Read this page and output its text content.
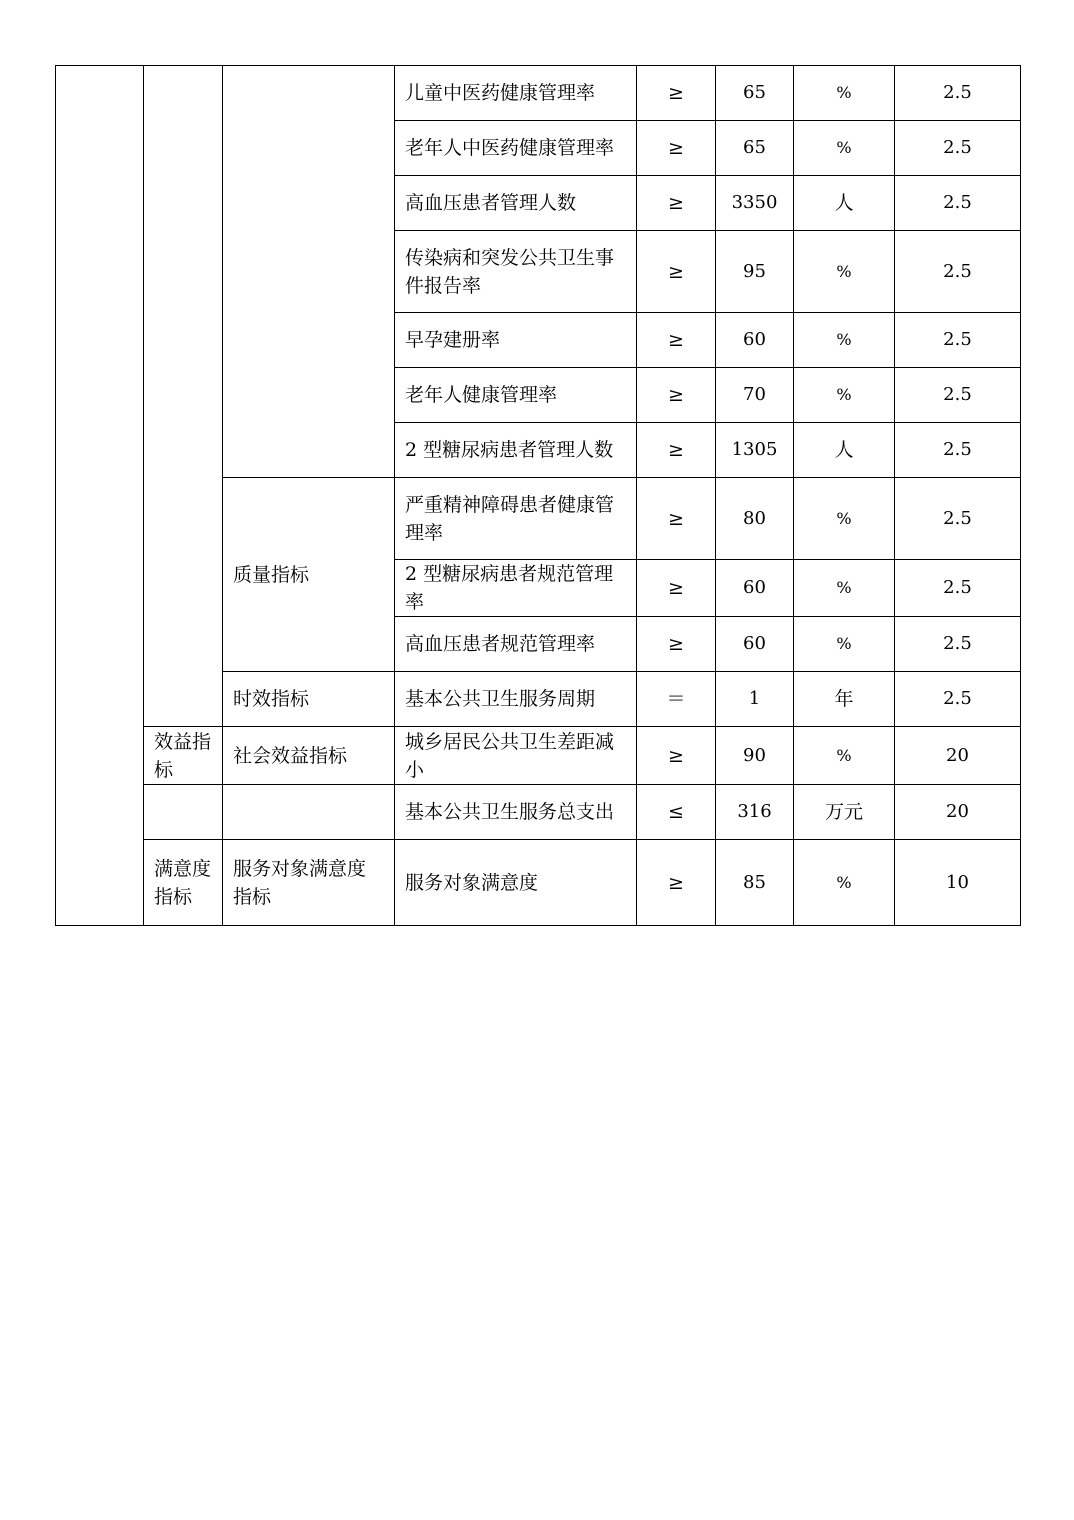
			儿童中医药健康管理率	≥	65	%	2.5
			老年人中医药健康管理率	≥	65	%	2.5
			高血压患者管理人数	≥	3350	人	2.5
			传染病和突发公共卫生事件报告率	≥	95	%	2.5
			早孕建册率	≥	60	%	2.5
			老年人健康管理率	≥	70	%	2.5
			2 型糖尿病患者管理人数	≥	1305	人	2.5
		质量指标	严重精神障碍患者健康管理率	≥	80	%	2.5
			2 型糖尿病患者规范管理率	≥	60	%	2.5
			高血压患者规范管理率	≥	60	%	2.5
		时效指标	基本公共卫生服务周期	＝	1	年	2.5
	效益指标	社会效益指标	城乡居民公共卫生差距减小	≥	90	%	20
			基本公共卫生服务总支出	≤	316	万元	20
	满意度指标	服务对象满意度指标	服务对象满意度	≥	85	%	10
